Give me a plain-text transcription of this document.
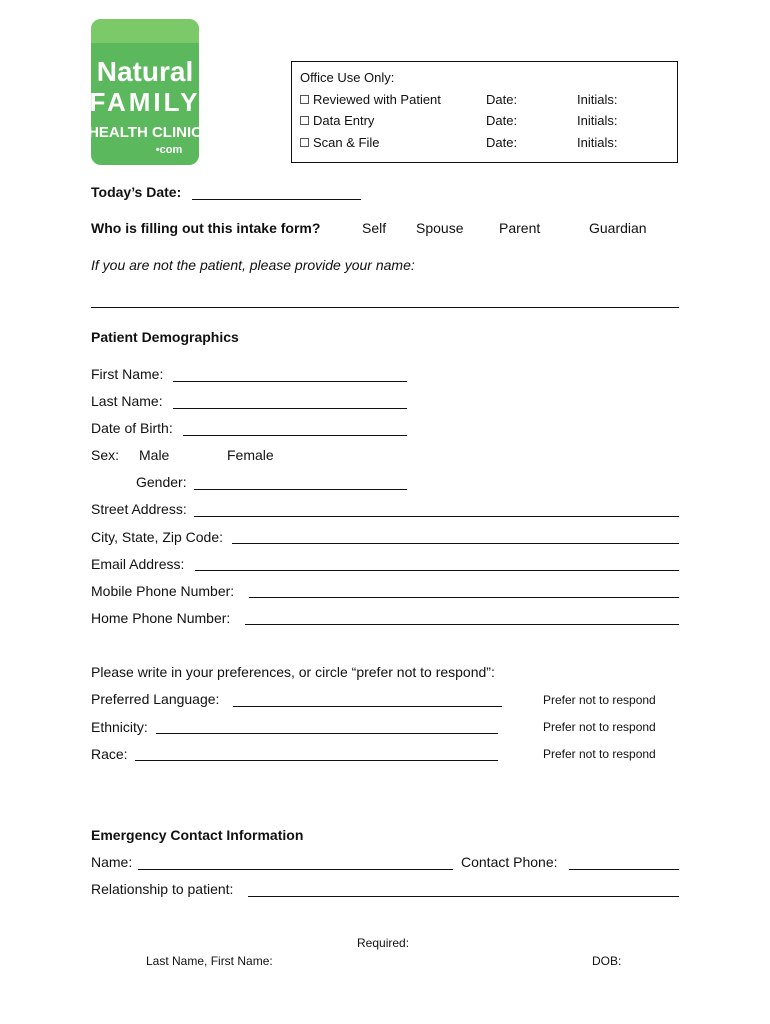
Natural
FAMILY
HEALTH CLINIC
•com
Office Use Only:
Reviewed with Patient	Date:	Initials:
Data Entry	Date:	Initials:
Scan & File	Date:	Initials:
Today’s Date:
Who is filling out this intake form?	Self Spouse	Parent	Guardian
If you are not the patient, please provide your name:
Patient Demographics
First Name:
Last Name:
Date of Birth:
Sex: Male	Female
Gender:
Street Address:
City, State, Zip Code:
Email Address:
Mobile Phone Number:
Home Phone Number:
Please write in your preferences, or circle “prefer not to respond”:
Preferred Language:	Prefer not to respond
Ethnicity:	Prefer not to respond
Race:	Prefer not to respond
Emergency Contact Information
Name:	Contact Phone:
Relationship to patient:
Required:
Last Name, First Name:	DOB:
